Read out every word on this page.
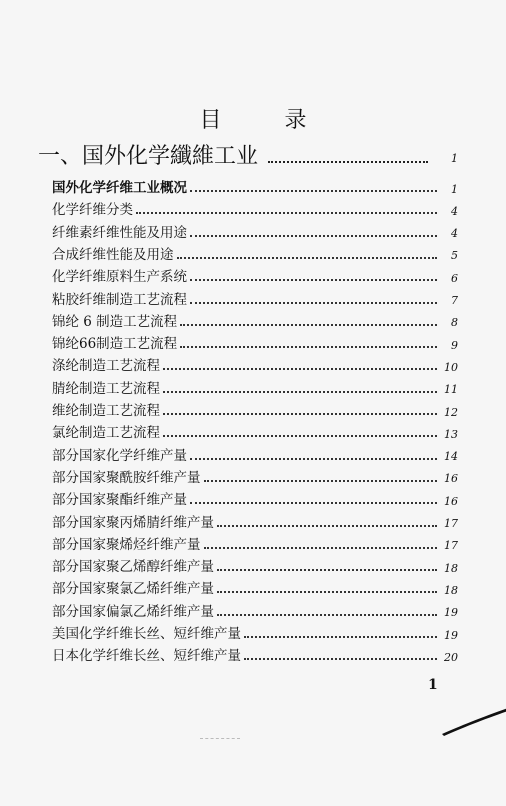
目 录
一、国外化学纖維工业	1
国外化学纤维工业概况	1
化学纤维分类	4
纤维素纤维性能及用途	4
合成纤维性能及用途	5
化学纤维原料生产系统	6
粘胶纤维制造工艺流程	7
锦纶 6 制造工艺流程	8
锦纶66制造工艺流程	9
涤纶制造工艺流程	10
腈纶制造工艺流程	11
维纶制造工艺流程	12
氯纶制造工艺流程	13
部分国家化学纤维产量	14
部分国家聚酰胺纤维产量	16
部分国家聚酯纤维产量	16
部分国家聚丙烯腈纤维产量	17
部分国家聚烯烃纤维产量	17
部分国家聚乙烯醇纤维产量	18
部分国家聚氯乙烯纤维产量	18
部分国家偏氯乙烯纤维产量	19
美国化学纤维长丝、短纤维产量	19
日本化学纤维长丝、短纤维产量	20
1
